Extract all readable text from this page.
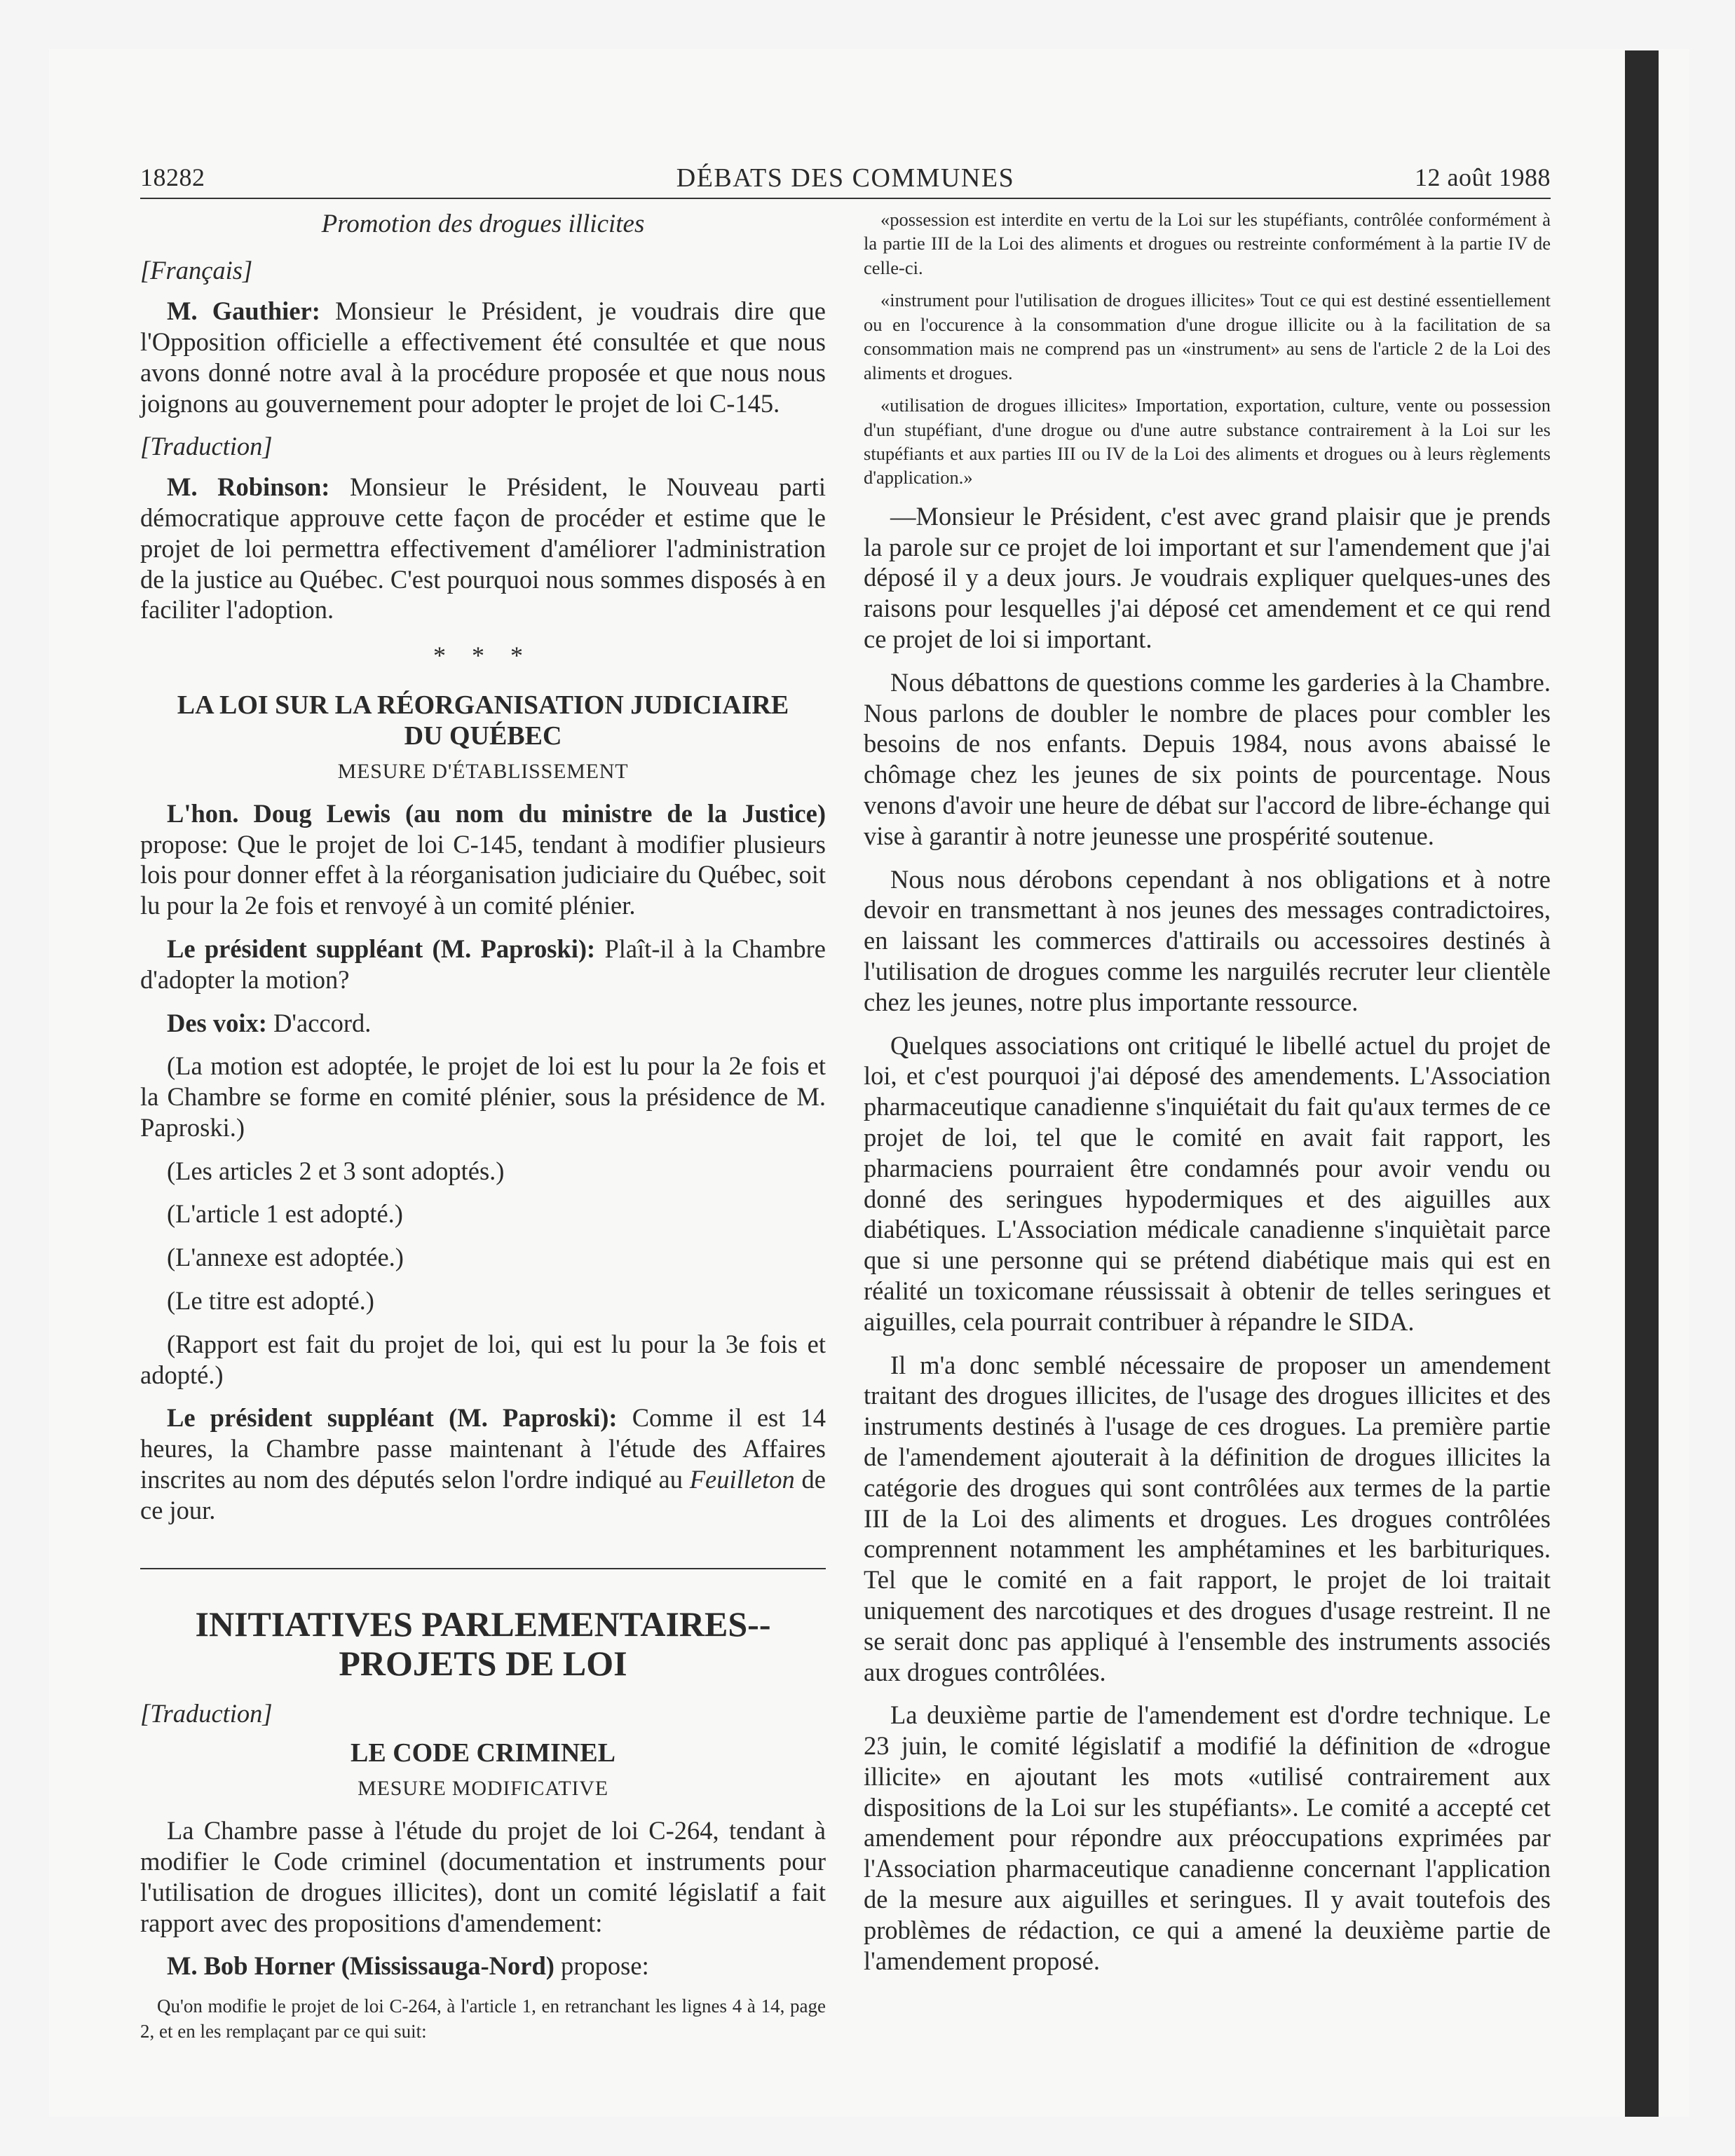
18282	DÉBATS DES COMMUNES	12 août 1988
Promotion des drogues illicites
[Français]

M. Gauthier: Monsieur le Président, je voudrais dire que l'Opposition officielle a effectivement été consultée et que nous avons donné notre aval à la procédure proposée et que nous nous joignons au gouvernement pour adopter le projet de loi C-145.

[Traduction]

M. Robinson: Monsieur le Président, le Nouveau parti démocratique approuve cette façon de procéder et estime que le projet de loi permettra effectivement d'améliorer l'administration de la justice au Québec. C'est pourquoi nous sommes disposés à en faciliter l'adoption.

* * *
LA LOI SUR LA RÉORGANISATION JUDICIAIRE DU QUÉBEC
MESURE D'ÉTABLISSEMENT

L'hon. Doug Lewis (au nom du ministre de la Justice) propose: Que le projet de loi C-145, tendant à modifier plusieurs lois pour donner effet à la réorganisation judiciaire du Québec, soit lu pour la 2e fois et renvoyé à un comité plénier.

Le président suppléant (M. Paproski): Plaît-il à la Chambre d'adopter la motion?

Des voix: D'accord.

(La motion est adoptée, le projet de loi est lu pour la 2e fois et la Chambre se forme en comité plénier, sous la présidence de M. Paproski.)

(Les articles 2 et 3 sont adoptés.)

(L'article 1 est adopté.)

(L'annexe est adoptée.)

(Le titre est adopté.)

(Rapport est fait du projet de loi, qui est lu pour la 3e fois et adopté.)

Le président suppléant (M. Paproski): Comme il est 14 heures, la Chambre passe maintenant à l'étude des Affaires inscrites au nom des députés selon l'ordre indiqué au Feuilleton de ce jour.

INITIATIVES PARLEMENTAIRES-- PROJETS DE LOI
[Traduction]
LE CODE CRIMINEL
MESURE MODIFICATIVE

La Chambre passe à l'étude du projet de loi C-264, tendant à modifier le Code criminel (documentation et instruments pour l'utilisation de drogues illicites), dont un comité législatif a fait rapport avec des propositions d'amendement:

M. Bob Horner (Mississauga-Nord) propose:

Qu'on modifie le projet de loi C-264, à l'article 1, en retranchant les lignes 4 à 14, page 2, et en les remplaçant par ce qui suit:
«possession est interdite en vertu de la Loi sur les stupéfiants, contrôlée conformément à la partie III de la Loi des aliments et drogues ou restreinte conformément à la partie IV de celle-ci.
«instrument pour l'utilisation de drogues illicites» Tout ce qui est destiné essentiellement ou en l'occurence à la consommation d'une drogue illicite ou à la facilitation de sa consommation mais ne comprend pas un «instrument» au sens de l'article 2 de la Loi des aliments et drogues.
«utilisation de drogues illicites» Importation, exportation, culture, vente ou possession d'un stupéfiant, d'une drogue ou d'une autre substance contrairement à la Loi sur les stupéfiants et aux parties III ou IV de la Loi des aliments et drogues ou à leurs règlements d'application.»

—Monsieur le Président, c'est avec grand plaisir que je prends la parole sur ce projet de loi important et sur l'amendement que j'ai déposé il y a deux jours. Je voudrais expliquer quelques-unes des raisons pour lesquelles j'ai déposé cet amendement et ce qui rend ce projet de loi si important.

Nous débattons de questions comme les garderies à la Chambre. Nous parlons de doubler le nombre de places pour combler les besoins de nos enfants. Depuis 1984, nous avons abaissé le chômage chez les jeunes de six points de pourcentage. Nous venons d'avoir une heure de débat sur l'accord de libre-échange qui vise à garantir à notre jeunesse une prospérité soutenue.

Nous nous dérobons cependant à nos obligations et à notre devoir en transmettant à nos jeunes des messages contradictoires, en laissant les commerces d'attirails ou accessoires destinés à l'utilisation de drogues comme les narguilés recruter leur clientèle chez les jeunes, notre plus importante ressource.

Quelques associations ont critiqué le libellé actuel du projet de loi, et c'est pourquoi j'ai déposé des amendements. L'Association pharmaceutique canadienne s'inquiétait du fait qu'aux termes de ce projet de loi, tel que le comité en avait fait rapport, les pharmaciens pourraient être condamnés pour avoir vendu ou donné des seringues hypodermiques et des aiguilles aux diabétiques. L'Association médicale canadienne s'inquiètait parce que si une personne qui se prétend diabétique mais qui est en réalité un toxicomane réussissait à obtenir de telles seringues et aiguilles, cela pourrait contribuer à répandre le SIDA.

Il m'a donc semblé nécessaire de proposer un amendement traitant des drogues illicites, de l'usage des drogues illicites et des instruments destinés à l'usage de ces drogues. La première partie de l'amendement ajouterait à la définition de drogues illicites la catégorie des drogues qui sont contrôlées aux termes de la partie III de la Loi des aliments et drogues. Les drogues contrôlées comprennent notamment les amphétamines et les barbituriques. Tel que le comité en a fait rapport, le projet de loi traitait uniquement des narcotiques et des drogues d'usage restreint. Il ne se serait donc pas appliqué à l'ensemble des instruments associés aux drogues contrôlées.

La deuxième partie de l'amendement est d'ordre technique. Le 23 juin, le comité législatif a modifié la définition de «drogue illicite» en ajoutant les mots «utilisé contrairement aux dispositions de la Loi sur les stupéfiants». Le comité a accepté cet amendement pour répondre aux préoccupations exprimées par l'Association pharmaceutique canadienne concernant l'application de la mesure aux aiguilles et seringues. Il y avait toutefois des problèmes de rédaction, ce qui a amené la deuxième partie de l'amendement proposé.
